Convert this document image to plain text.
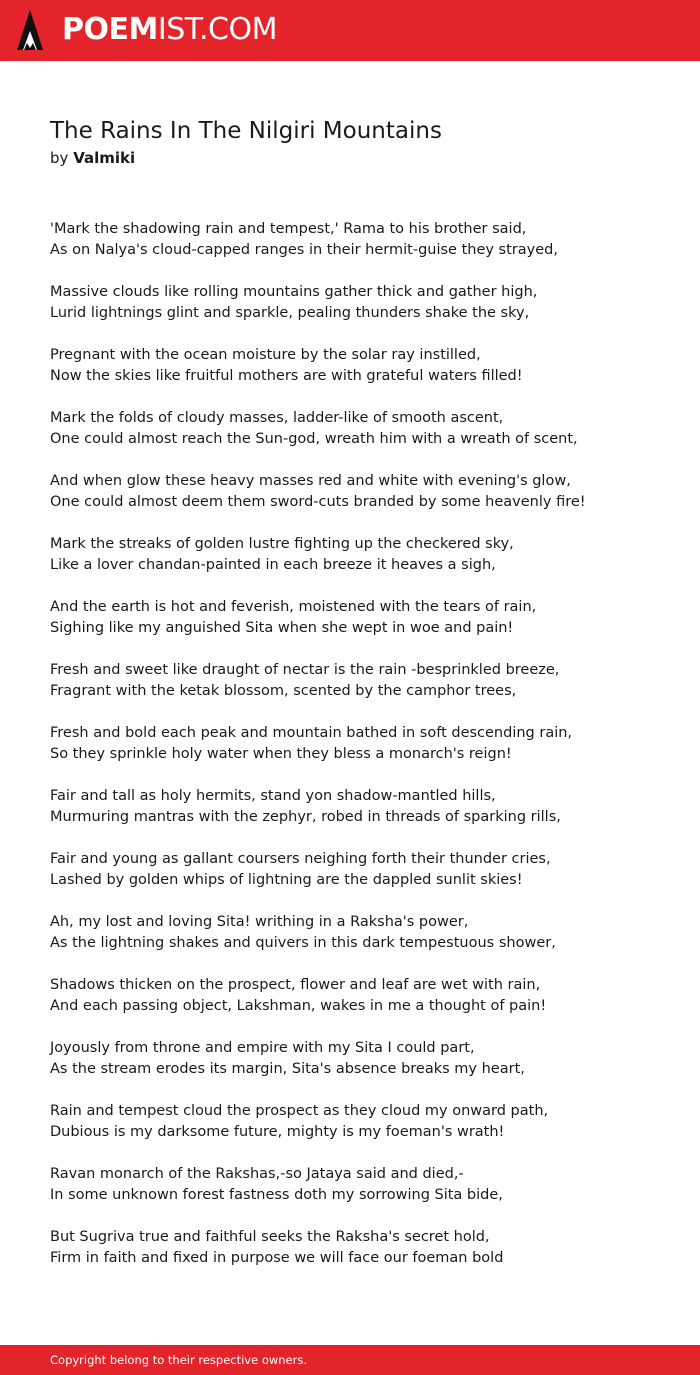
POEMIST.COM
The Rains In The Nilgiri Mountains
by Valmiki
'Mark the shadowing rain and tempest,' Rama to his brother said,
As on Nalya's cloud-capped ranges in their hermit-guise they strayed,
Massive clouds like rolling mountains gather thick and gather high,
Lurid lightnings glint and sparkle, pealing thunders shake the sky,
Pregnant with the ocean moisture by the solar ray instilled,
Now the skies like fruitful mothers are with grateful waters filled!
Mark the folds of cloudy masses, ladder-like of smooth ascent,
One could almost reach the Sun-god, wreath him with a wreath of scent,
And when glow these heavy masses red and white with evening's glow,
One could almost deem them sword-cuts branded by some heavenly fire!
Mark the streaks of golden lustre fighting up the checkered sky,
Like a lover chandan-painted in each breeze it heaves a sigh,
And the earth is hot and feverish, moistened with the tears of rain,
Sighing like my anguished Sita when she wept in woe and pain!
Fresh and sweet like draught of nectar is the rain -besprinkled breeze,
Fragrant with the ketak blossom, scented by the camphor trees,
Fresh and bold each peak and mountain bathed in soft descending rain,
So they sprinkle holy water when they bless a monarch's reign!
Fair and tall as holy hermits, stand yon shadow-mantled hills,
Murmuring mantras with the zephyr, robed in threads of sparking rills,
Fair and young as gallant coursers neighing forth their thunder cries,
Lashed by golden whips of lightning are the dappled sunlit skies!
Ah, my lost and loving Sita! writhing in a Raksha's power,
As the lightning shakes and quivers in this dark tempestuous shower,
Shadows thicken on the prospect, flower and leaf are wet with rain,
And each passing object, Lakshman, wakes in me a thought of pain!
Joyously from throne and empire with my Sita I could part,
As the stream erodes its margin, Sita's absence breaks my heart,
Rain and tempest cloud the prospect as they cloud my onward path,
Dubious is my darksome future, mighty is my foeman's wrath!
Ravan monarch of the Rakshas,-so Jataya said and died,-
In some unknown forest fastness doth my sorrowing Sita bide,
But Sugriva true and faithful seeks the Raksha's secret hold,
Firm in faith and fixed in purpose we will face our foeman bold
Copyright belong to their respective owners.
